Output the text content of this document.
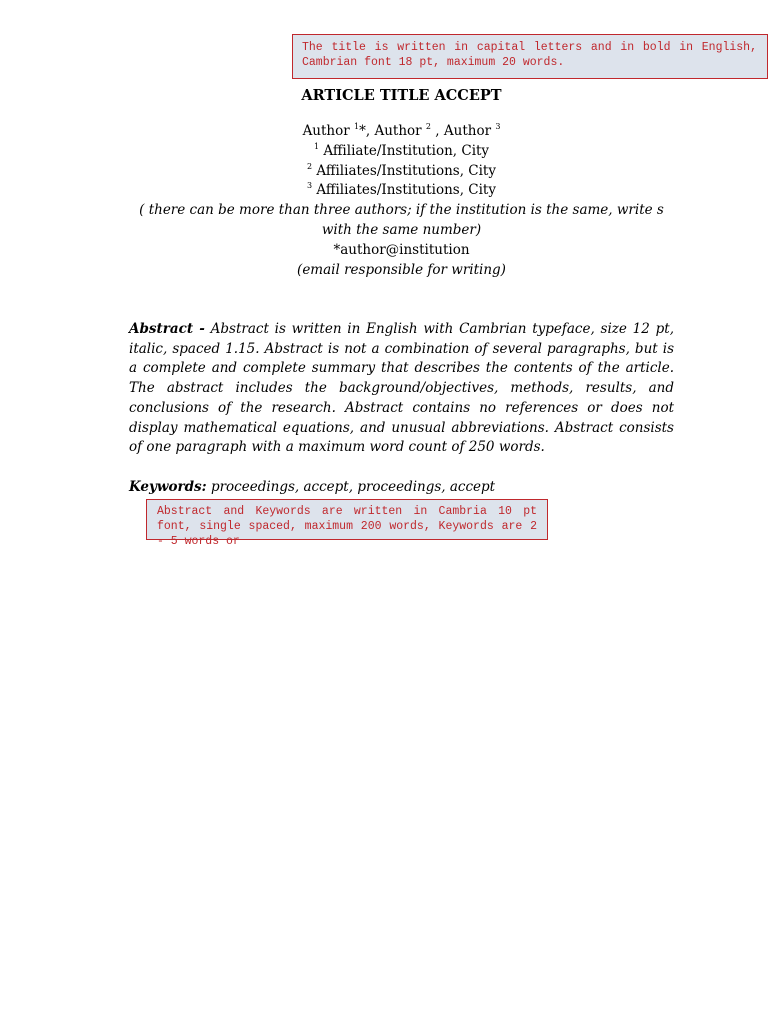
The title is written in capital letters and in bold in English, Cambrian font 18 pt, maximum 20 words.
ARTICLE TITLE ACCEPT
Author $^1$*, Author $^2$ , Author $^3$
$^1$ Affiliate/Institution, City
$^2$ Affiliates/Institutions, City
$^3$ Affiliates/Institutions, City
( there can be more than three authors; if the institution is the same, write s with the same number)
*author@institution
(email responsible for writing)
Abstract - Abstract is written in English with Cambrian typeface, size 12 pt, italic, spaced 1.15. Abstract is not a combination of several paragraphs, but is a complete and complete summary that describes the contents of the article. The abstract includes the background/objectives, methods, results, and conclusions of the research. Abstract contains no references or does not display mathematical equations, and unusual abbreviations. Abstract consists of one paragraph with a maximum word count of 250 words.
Keywords: proceedings, accept, proceedings, accept
Abstract and Keywords are written in Cambria 10 pt font, single spaced, maximum 200 words, Keywords are 2 - 5 words or
